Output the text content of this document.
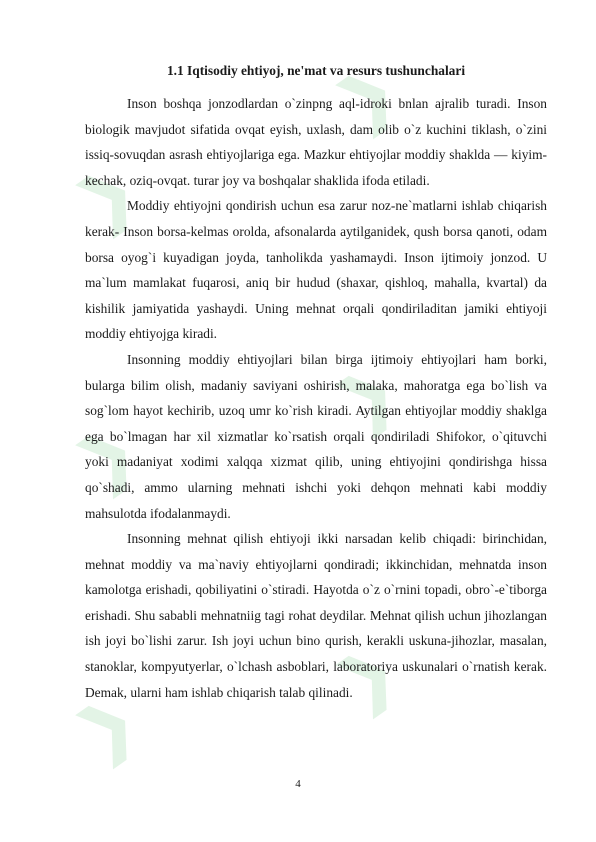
❯
❯
❯
❯
❯
❯
1.1 Iqtisodiy ehtiyoj, ne'mat va resurs tushunchalari

Inson boshqa jonzodlardan o`zinpng aql-idroki bnlan ajralib turadi. Inson biologik mavjudot sifatida ovqat eyish, uxlash, dam olib o`z kuchini tiklash, o`zini issiq-sovuqdan asrash ehtiyojlariga ega. Mazkur ehtiyojlar moddiy shaklda — kiyim-kechak, oziq-ovqat. turar joy va boshqalar shaklida ifoda etiladi.

Moddiy ehtiyojni qondirish uchun esa zarur noz-ne`matlarni ishlab chiqarish kerak- Inson borsa-kelmas orolda, afsonalarda aytilganidek, qush borsa qanoti, odam borsa oyog`i kuyadigan joyda, tanholikda yashamaydi. Inson ijtimoiy jonzod. U ma`lum mamlakat fuqarosi, aniq bir hudud (shaxar, qishloq, mahalla, kvartal) da kishilik jamiyatida yashaydi. Uning mehnat orqali qondiriladitan jamiki ehtiyoji moddiy ehtiyojga kiradi.

Insonning moddiy ehtiyojlari bilan birga ijtimoiy ehtiyojlari ham borki, bularga bilim olish, madaniy saviyani oshirish, malaka, mahoratga ega bo`lish va sog`lom hayot kechirib, uzoq umr ko`rish kiradi. Aytilgan ehtiyojlar moddiy shaklga ega bo`lmagan har xil xizmatlar ko`rsatish orqali qondiriladi Shifokor, o`qituvchi yoki madaniyat xodimi xalqqa xizmat qilib, uning ehtiyojini qondirishga hissa qo`shadi, ammo ularning mehnati ishchi yoki dehqon mehnati kabi moddiy mahsulotda ifodalanmaydi.

Insonning mehnat qilish ehtiyoji ikki narsadan kelib chiqadi: birinchidan, mehnat moddiy va ma`naviy ehtiyojlarni qondiradi; ikkinchidan, mehnatda inson kamolotga erishadi, qobiliyatini o`stiradi. Hayotda o`z o`rnini topadi, obro`-e`tiborga erishadi. Shu sababli mehnatniig tagi rohat deydilar. Mehnat qilish uchun jihozlangan ish joyi bo`lishi zarur. Ish joyi uchun bino qurish, kerakli uskuna-jihozlar, masalan, stanoklar, kompyutyerlar, o`lchash asboblari, laboratoriya uskunalari o`rnatish kerak. Demak, ularni ham ishlab chiqarish talab qilinadi.

4
